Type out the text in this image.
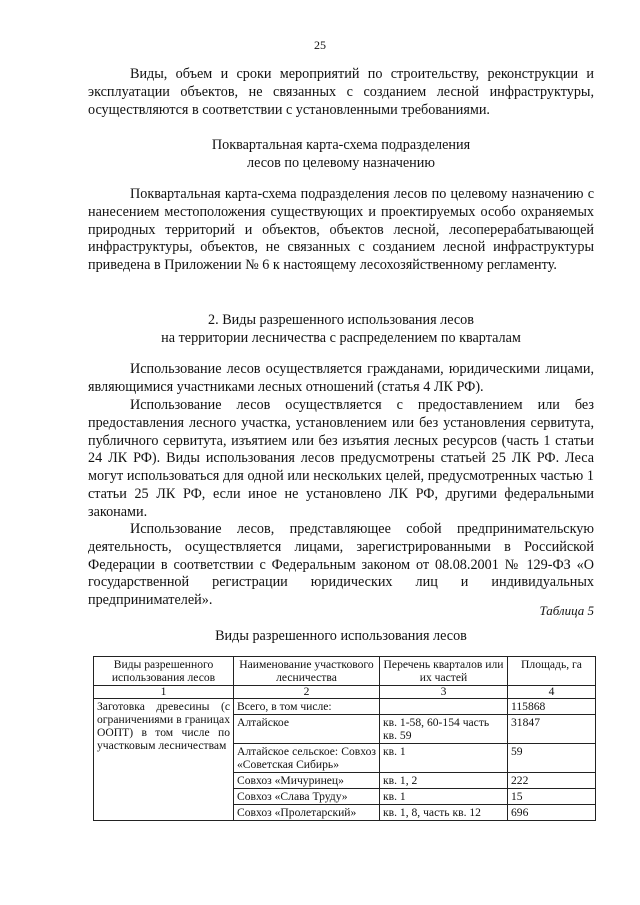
25

Виды, объем и сроки мероприятий по строительству, реконструкции и эксплуатации объектов, не связанных с созданием лесной инфраструктуры, осуществляются в соответствии с установленными требованиями.

Поквартальная карта-схема подразделения
лесов по целевому назначению

Поквартальная карта-схема подразделения лесов по целевому назначению с нанесением местоположения существующих и проектируемых особо охраняемых природных территорий и объектов, объектов лесной, лесоперерабатывающей инфраструктуры, объектов, не связанных с созданием лесной инфраструктуры приведена в Приложении № 6 к настоящему лесохозяйственному регламенту.

2. Виды разрешенного использования лесов
на территории лесничества с распределением по кварталам

Использование лесов осуществляется гражданами, юридическими лицами, являющимися участниками лесных отношений (статья 4 ЛК РФ).

Использование лесов осуществляется с предоставлением или без предоставления лесного участка, установлением или без установления сервитута, публичного сервитута, изъятием или без изъятия лесных ресурсов (часть 1 статьи 24 ЛК РФ). Виды использования лесов предусмотрены статьей 25 ЛК РФ. Леса могут использоваться для одной или нескольких целей, предусмотренных частью 1 статьи 25 ЛК РФ, если иное не установлено ЛК РФ, другими федеральными законами.

Использование лесов, представляющее собой предпринимательскую деятельность, осуществляется лицами, зарегистрированными в Российской Федерации в соответствии с Федеральным законом от 08.08.2001 № 129-ФЗ «О государственной регистрации юридических лиц и индивидуальных предпринимателей».

Таблица 5
Виды разрешенного использования лесов
Виды разрешенного использования лесов	Наименование участкового лесничества	Перечень кварталов или их частей	Площадь, га
1	2	3	4
Заготовка древесины (с ограничениями в границах ООПТ) в том числе по участковым лесничествам	Всего, в том числе:		115868
	Алтайское	кв. 1-58, 60-154 часть кв. 59	31847
	Алтайское сельское: Совхоз «Советская Сибирь»	кв. 1	59
	Совхоз «Мичуринец»	кв. 1, 2	222
	Совхоз «Слава Труду»	кв. 1	15
	Совхоз «Пролетарский»	кв. 1, 8, часть кв. 12	696
